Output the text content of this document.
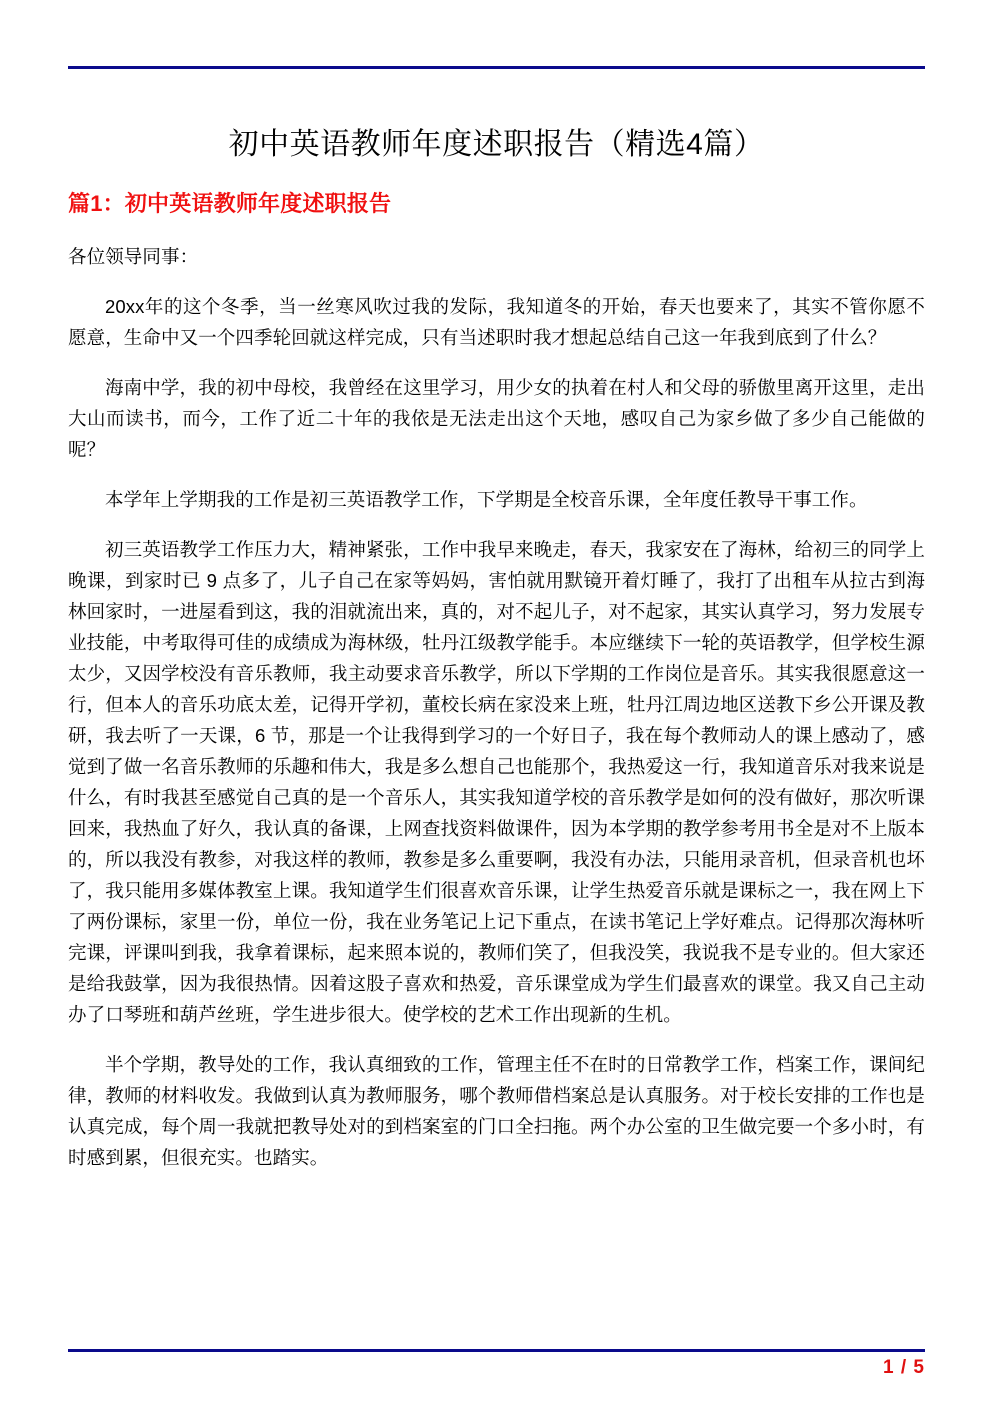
初中英语教师年度述职报告（精选4篇）
篇1：初中英语教师年度述职报告

各位领导同事：

20xx年的这个冬季，当一丝寒风吹过我的发际，我知道冬的开始，春天也要来了，其实不管你愿不愿意，生命中又一个四季轮回就这样完成，只有当述职时我才想起总结自己这一年我到底到了什么？

海南中学，我的初中母校，我曾经在这里学习，用少女的执着在村人和父母的骄傲里离开这里，走出大山而读书，而今，工作了近二十年的我依是无法走出这个天地，感叹自己为家乡做了多少自己能做的呢？

本学年上学期我的工作是初三英语教学工作，下学期是全校音乐课，全年度任教导干事工作。

初三英语教学工作压力大，精神紧张，工作中我早来晚走，春天，我家安在了海林，给初三的同学上晚课，到家时已 9 点多了，儿子自己在家等妈妈，害怕就用默镜开着灯睡了，我打了出租车从拉古到海林回家时，一进屋看到这，我的泪就流出来，真的，对不起儿子，对不起家，其实认真学习，努力发展专业技能，中考取得可佳的成绩成为海林级，牡丹江级教学能手。本应继续下一轮的英语教学，但学校生源太少，又因学校没有音乐教师，我主动要求音乐教学，所以下学期的工作岗位是音乐。其实我很愿意这一行，但本人的音乐功底太差，记得开学初，董校长病在家没来上班，牡丹江周边地区送教下乡公开课及教研，我去听了一天课，6 节，那是一个让我得到学习的一个好日子，我在每个教师动人的课上感动了，感觉到了做一名音乐教师的乐趣和伟大，我是多么想自己也能那个，我热爱这一行，我知道音乐对我来说是什么，有时我甚至感觉自己真的是一个音乐人，其实我知道学校的音乐教学是如何的没有做好，那次听课回来，我热血了好久，我认真的备课，上网查找资料做课件，因为本学期的教学参考用书全是对不上版本的，所以我没有教参，对我这样的教师，教参是多么重要啊，我没有办法，只能用录音机，但录音机也坏了，我只能用多媒体教室上课。我知道学生们很喜欢音乐课，让学生热爱音乐就是课标之一，我在网上下了两份课标，家里一份，单位一份，我在业务笔记上记下重点，在读书笔记上学好难点。记得那次海林听完课，评课叫到我，我拿着课标，起来照本说的，教师们笑了，但我没笑，我说我不是专业的。但大家还是给我鼓掌，因为我很热情。因着这股子喜欢和热爱，音乐课堂成为学生们最喜欢的课堂。我又自己主动办了口琴班和葫芦丝班，学生进步很大。使学校的艺术工作出现新的生机。

半个学期，教导处的工作，我认真细致的工作，管理主任不在时的日常教学工作，档案工作，课间纪律，教师的材料收发。我做到认真为教师服务，哪个教师借档案总是认真服务。对于校长安排的工作也是认真完成，每个周一我就把教导处对的到档案室的门口全扫拖。两个办公室的卫生做完要一个多小时，有时感到累，但很充实。也踏实。

1 / 5
